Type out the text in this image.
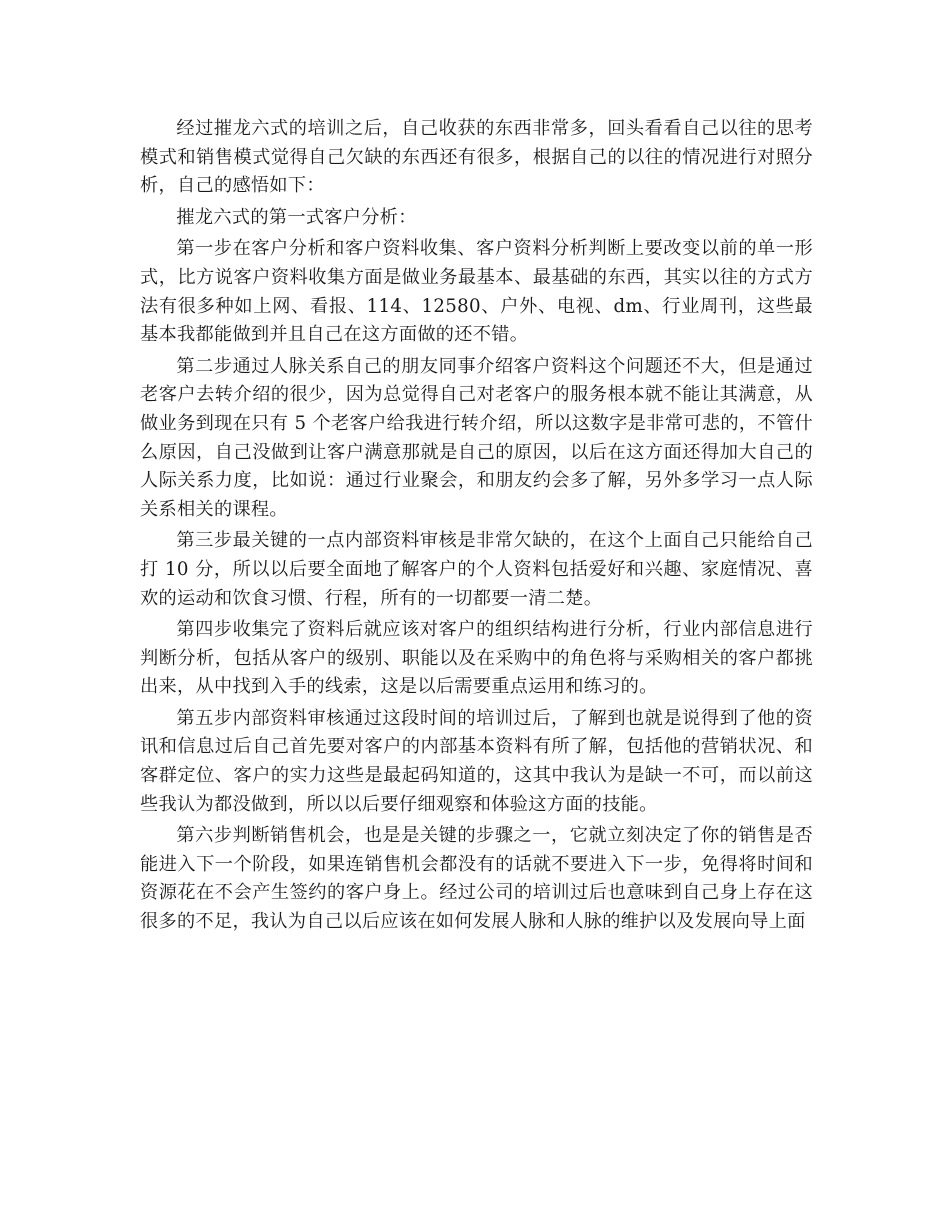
经过摧龙六式的培训之后，自己收获的东西非常多，回头看看自己以往的思考模式和销售模式觉得自己欠缺的东西还有很多，根据自己的以往的情况进行对照分析，自己的感悟如下：

摧龙六式的第一式客户分析：

第一步在客户分析和客户资料收集、客户资料分析判断上要改变以前的单一形式，比方说客户资料收集方面是做业务最基本、最基础的东西，其实以往的方式方法有很多种如上网、看报、114、12580、户外、电视、dm、行业周刊，这些最基本我都能做到并且自己在这方面做的还不错。

第二步通过人脉关系自己的朋友同事介绍客户资料这个问题还不大，但是通过老客户去转介绍的很少，因为总觉得自己对老客户的服务根本就不能让其满意，从做业务到现在只有 5 个老客户给我进行转介绍，所以这数字是非常可悲的，不管什么原因，自己没做到让客户满意那就是自己的原因，以后在这方面还得加大自己的人际关系力度，比如说：通过行业聚会，和朋友约会多了解，另外多学习一点人际关系相关的课程。

第三步最关键的一点内部资料审核是非常欠缺的，在这个上面自己只能给自己打 10 分，所以以后要全面地了解客户的个人资料包括爱好和兴趣、家庭情况、喜欢的运动和饮食习惯、行程，所有的一切都要一清二楚。

第四步收集完了资料后就应该对客户的组织结构进行分析，行业内部信息进行判断分析，包括从客户的级别、职能以及在采购中的角色将与采购相关的客户都挑出来，从中找到入手的线索，这是以后需要重点运用和练习的。

第五步内部资料审核通过这段时间的培训过后，了解到也就是说得到了他的资讯和信息过后自己首先要对客户的内部基本资料有所了解，包括他的营销状况、和客群定位、客户的实力这些是最起码知道的，这其中我认为是缺一不可，而以前这些我认为都没做到，所以以后要仔细观察和体验这方面的技能。

第六步判断销售机会，也是是关键的步骤之一，它就立刻决定了你的销售是否能进入下一个阶段，如果连销售机会都没有的话就不要进入下一步，免得将时间和资源花在不会产生签约的客户身上。经过公司的培训过后也意味到自己身上存在这很多的不足，我认为自己以后应该在如何发展人脉和人脉的维护以及发展向导上面
